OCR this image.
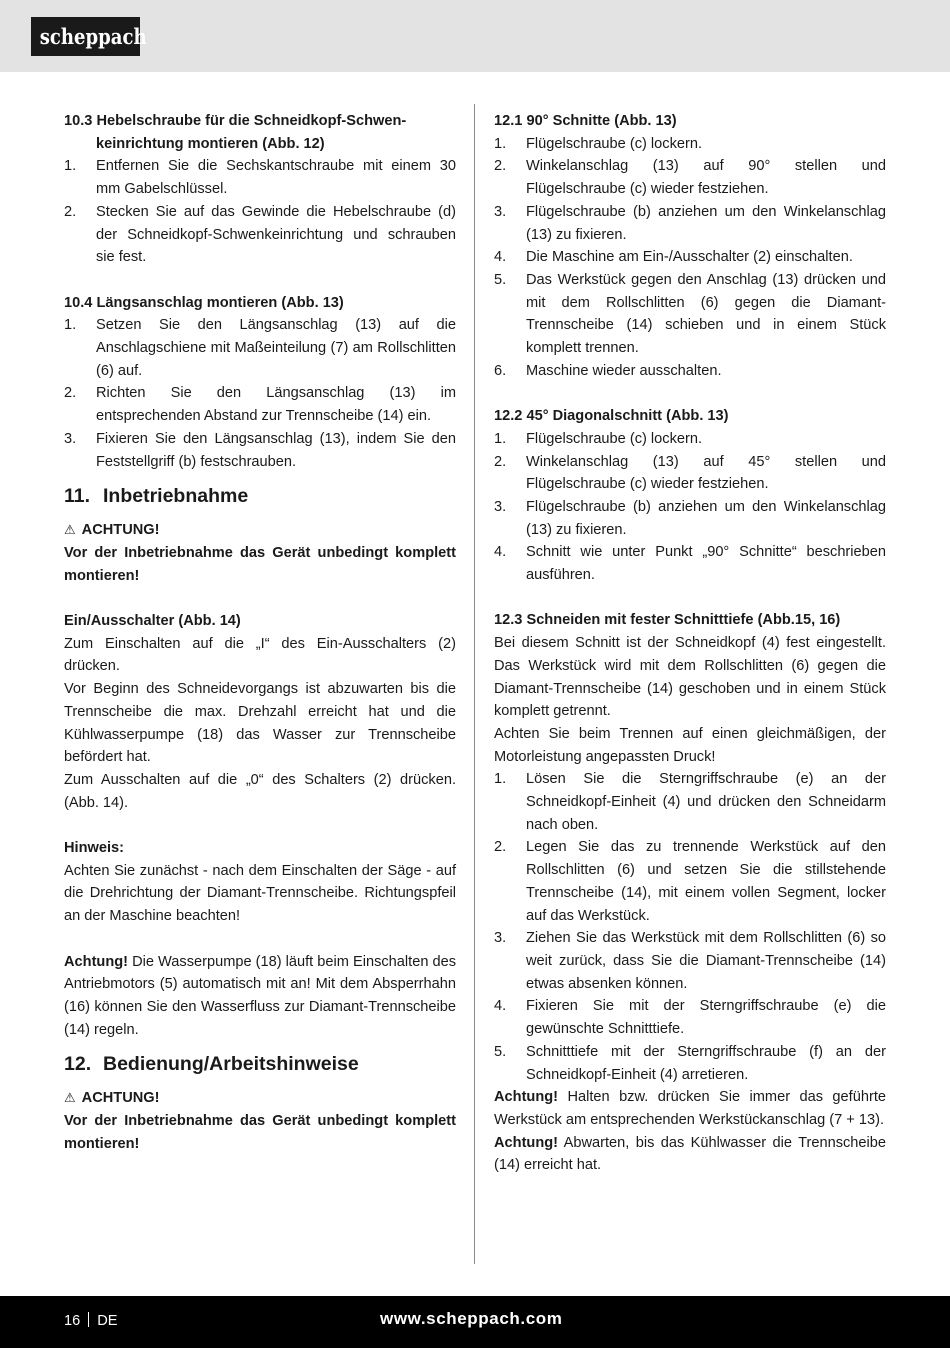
scheppach

10.3 Hebelschraube für die Schneidkopf-Schwen-
keinrichtung montieren (Abb. 12)

1.	Entfernen Sie die Sechskantschraube mit einem 30 mm Gabelschlüssel.
2.	Stecken Sie auf das Gewinde die Hebelschraube (d) der Schneidkopf-Schwenkeinrichtung und schrauben sie fest.

10.4 Längsanschlag montieren (Abb. 13)

1.	Setzen Sie den Längsanschlag (13) auf die Anschlagschiene mit Maßeinteilung (7) am Rollschlitten (6) auf.
2.	Richten Sie den Längsanschlag (13) im entsprechenden Abstand zur Trennscheibe (14) ein.
3.	Fixieren Sie den Längsanschlag (13), indem Sie den Feststellgriff (b) festschrauben.
11. Inbetriebnahme
⚠ ACHTUNG!

Vor der Inbetriebnahme das Gerät unbedingt komplett montieren!

Ein/Ausschalter (Abb. 14)

Zum Einschalten auf die „I“ des Ein-Ausschalters (2) drücken.

Vor Beginn des Schneidevorgangs ist abzuwarten bis die Trennscheibe die max. Drehzahl erreicht hat und die Kühlwasserpumpe (18) das Wasser zur Trennscheibe befördert hat.

Zum Ausschalten auf die „0“ des Schalters (2) drücken. (Abb. 14).

Hinweis:

Achten Sie zunächst - nach dem Einschalten der Säge - auf die Drehrichtung der Diamant-Trennscheibe. Richtungspfeil an der Maschine beachten!

Achtung! Die Wasserpumpe (18) läuft beim Einschalten des Antriebmotors (5) automatisch mit an! Mit dem Absperrhahn (16) können Sie den Wasserfluss zur Diamant-Trennscheibe (14) regeln.

12. Bedienung/Arbeitshinweise
⚠ ACHTUNG!

Vor der Inbetriebnahme das Gerät unbedingt komplett montieren!

12.1 90° Schnitte (Abb. 13)

1.	Flügelschraube (c) lockern.
2.	Winkelanschlag (13) auf 90° stellen und Flügelschraube (c) wieder festziehen.
3.	Flügelschraube (b) anziehen um den Winkelanschlag (13) zu fixieren.
4.	Die Maschine am Ein-/Ausschalter (2) einschalten.
5.	Das Werkstück gegen den Anschlag (13) drücken und mit dem Rollschlitten (6) gegen die Diamant-Trennscheibe (14) schieben und in einem Stück komplett trennen.
6.	Maschine wieder ausschalten.

12.2 45° Diagonalschnitt (Abb. 13)

1.	Flügelschraube (c) lockern.
2.	Winkelanschlag (13) auf 45° stellen und Flügelschraube (c) wieder festziehen.
3.	Flügelschraube (b) anziehen um den Winkelanschlag (13) zu fixieren.
4.	Schnitt wie unter Punkt „90° Schnitte“ beschrieben ausführen.

12.3 Schneiden mit fester Schnitttiefe (Abb.15, 16)

Bei diesem Schnitt ist der Schneidkopf (4) fest eingestellt. Das Werkstück wird mit dem Rollschlitten (6) gegen die Diamant-Trennscheibe (14) geschoben und in einem Stück komplett getrennt.

Achten Sie beim Trennen auf einen gleichmäßigen, der Motorleistung angepassten Druck!

1.	Lösen Sie die Sterngriffschraube (e) an der Schneidkopf-Einheit (4) und drücken den Schneidarm nach oben.
2.	Legen Sie das zu trennende Werkstück auf den Rollschlitten (6) und setzen Sie die stillstehende Trennscheibe (14), mit einem vollen Segment, locker auf das Werkstück.
3.	Ziehen Sie das Werkstück mit dem Rollschlitten (6) so weit zurück, dass Sie die Diamant-Trennscheibe (14) etwas absenken können.
4.	Fixieren Sie mit der Sterngriffschraube (e) die gewünschte Schnitttiefe.
5.	Schnitttiefe mit der Sterngriffschraube (f) an der Schneidkopf-Einheit (4) arretieren.

Achtung! Halten bzw. drücken Sie immer das geführte Werkstück am entsprechenden Werkstückanschlag (7 + 13).

Achtung! Abwarten, bis das Kühlwasser die Trennscheibe (14) erreicht hat.

16 DE	www.scheppach.com
